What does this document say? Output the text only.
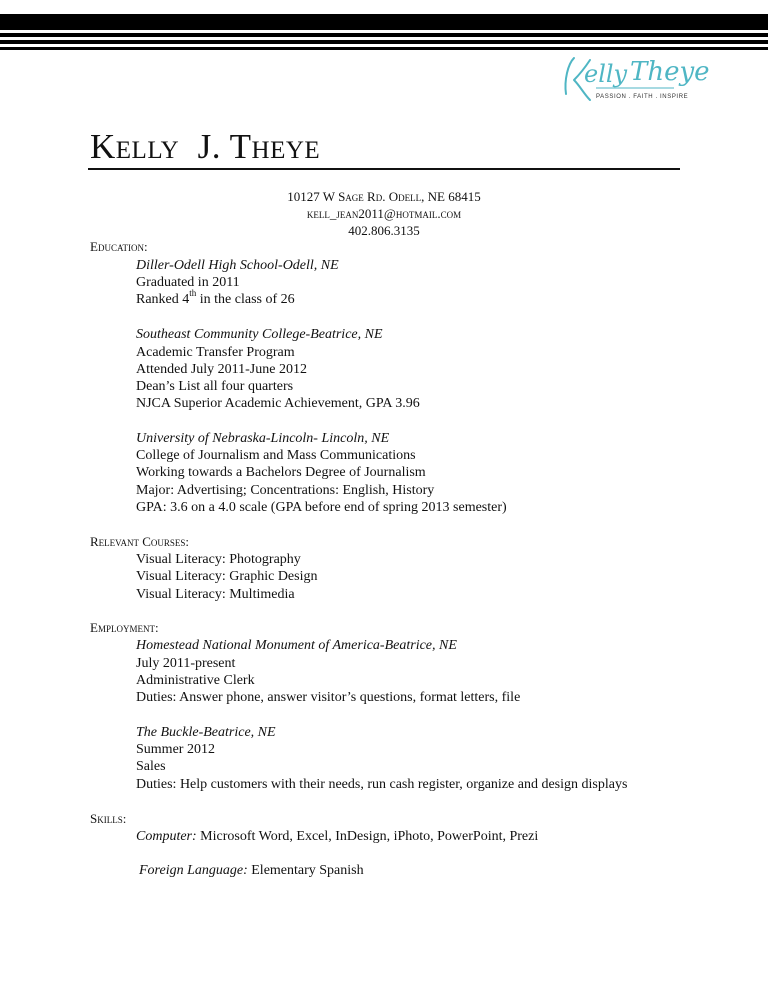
elly Theye
PASSION . FAITH . INSPIRE
Kelly  J. Theye
10127 W Sage Rd. Odell, NE 68415
kell_jean2011@hotmail.com
402.806.3135
Education:
Diller-Odell High School-Odell, NE
Graduated in 2011
Ranked 4th in the class of 26
Southeast Community College-Beatrice, NE
Academic Transfer Program
Attended July 2011-June 2012
Dean’s List all four quarters
NJCA Superior Academic Achievement, GPA 3.96
University of Nebraska-Lincoln- Lincoln, NE
College of Journalism and Mass Communications
Working towards a Bachelors Degree of Journalism
Major: Advertising; Concentrations: English, History
GPA: 3.6 on a 4.0 scale (GPA before end of spring 2013 semester)
Relevant Courses:
Visual Literacy: Photography
Visual Literacy: Graphic Design
Visual Literacy: Multimedia
Employment:
Homestead National Monument of America-Beatrice, NE
July 2011-present
Administrative Clerk
Duties: Answer phone, answer visitor’s questions, format letters, file
The Buckle-Beatrice, NE
Summer 2012
Sales
Duties: Help customers with their needs, run cash register, organize and design displays
Skills:
Computer: Microsoft Word, Excel, InDesign, iPhoto, PowerPoint, Prezi
Foreign Language: Elementary Spanish
